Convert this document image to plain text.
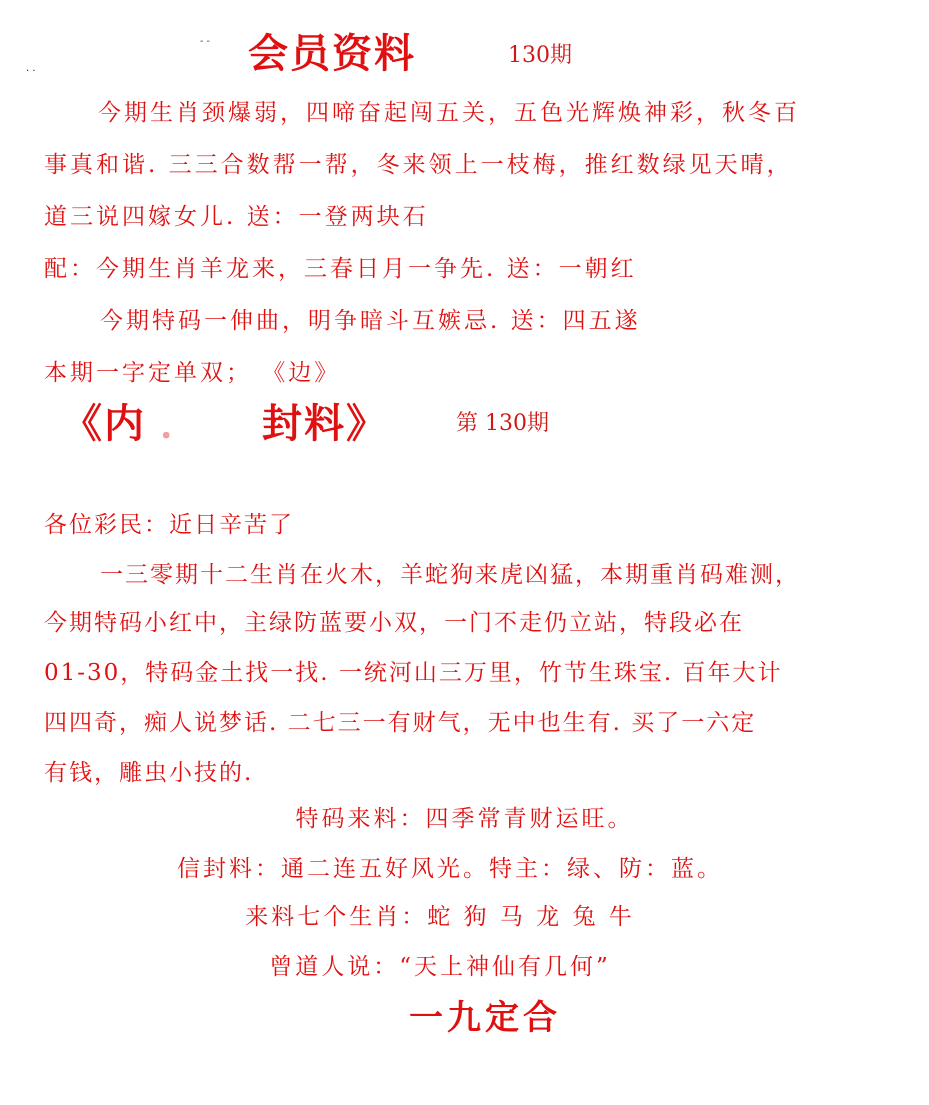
· ·
- - 会员资料	130期
今期生肖颈爆弱，四啼奋起闯五关，五色光辉焕神彩，秋冬百
事真和谐. 三三合数帮一帮，冬来领上一枝梅，推红数绿见天晴，
道三说四嫁女儿. 送：一登两块石
配：今期生肖羊龙来，三春日月一争先. 送：一朝红
今期特码一伸曲，明争暗斗互嫉忌. 送：四五遂
本期一字定单双； 《边》
《内 ． 封料》	第 130期
各位彩民：近日辛苦了
一三零期十二生肖在火木，羊蛇狗来虎凶猛，本期重肖码难测，
今期特码小红中，主绿防蓝要小双，一门不走仍立站，特段必在
01-30，特码金土找一找. 一统河山三万里，竹节生珠宝. 百年大计
四四奇，痴人说梦话. 二七三一有财气，无中也生有. 买了一六定
有钱，雕虫小技的.
特码来料：四季常青财运旺。
信封料：通二连五好风光。特主：绿、防：蓝。
来料七个生肖：蛇 狗 马 龙 兔 牛
曾道人说：“天上神仙有几何”
一九定合
